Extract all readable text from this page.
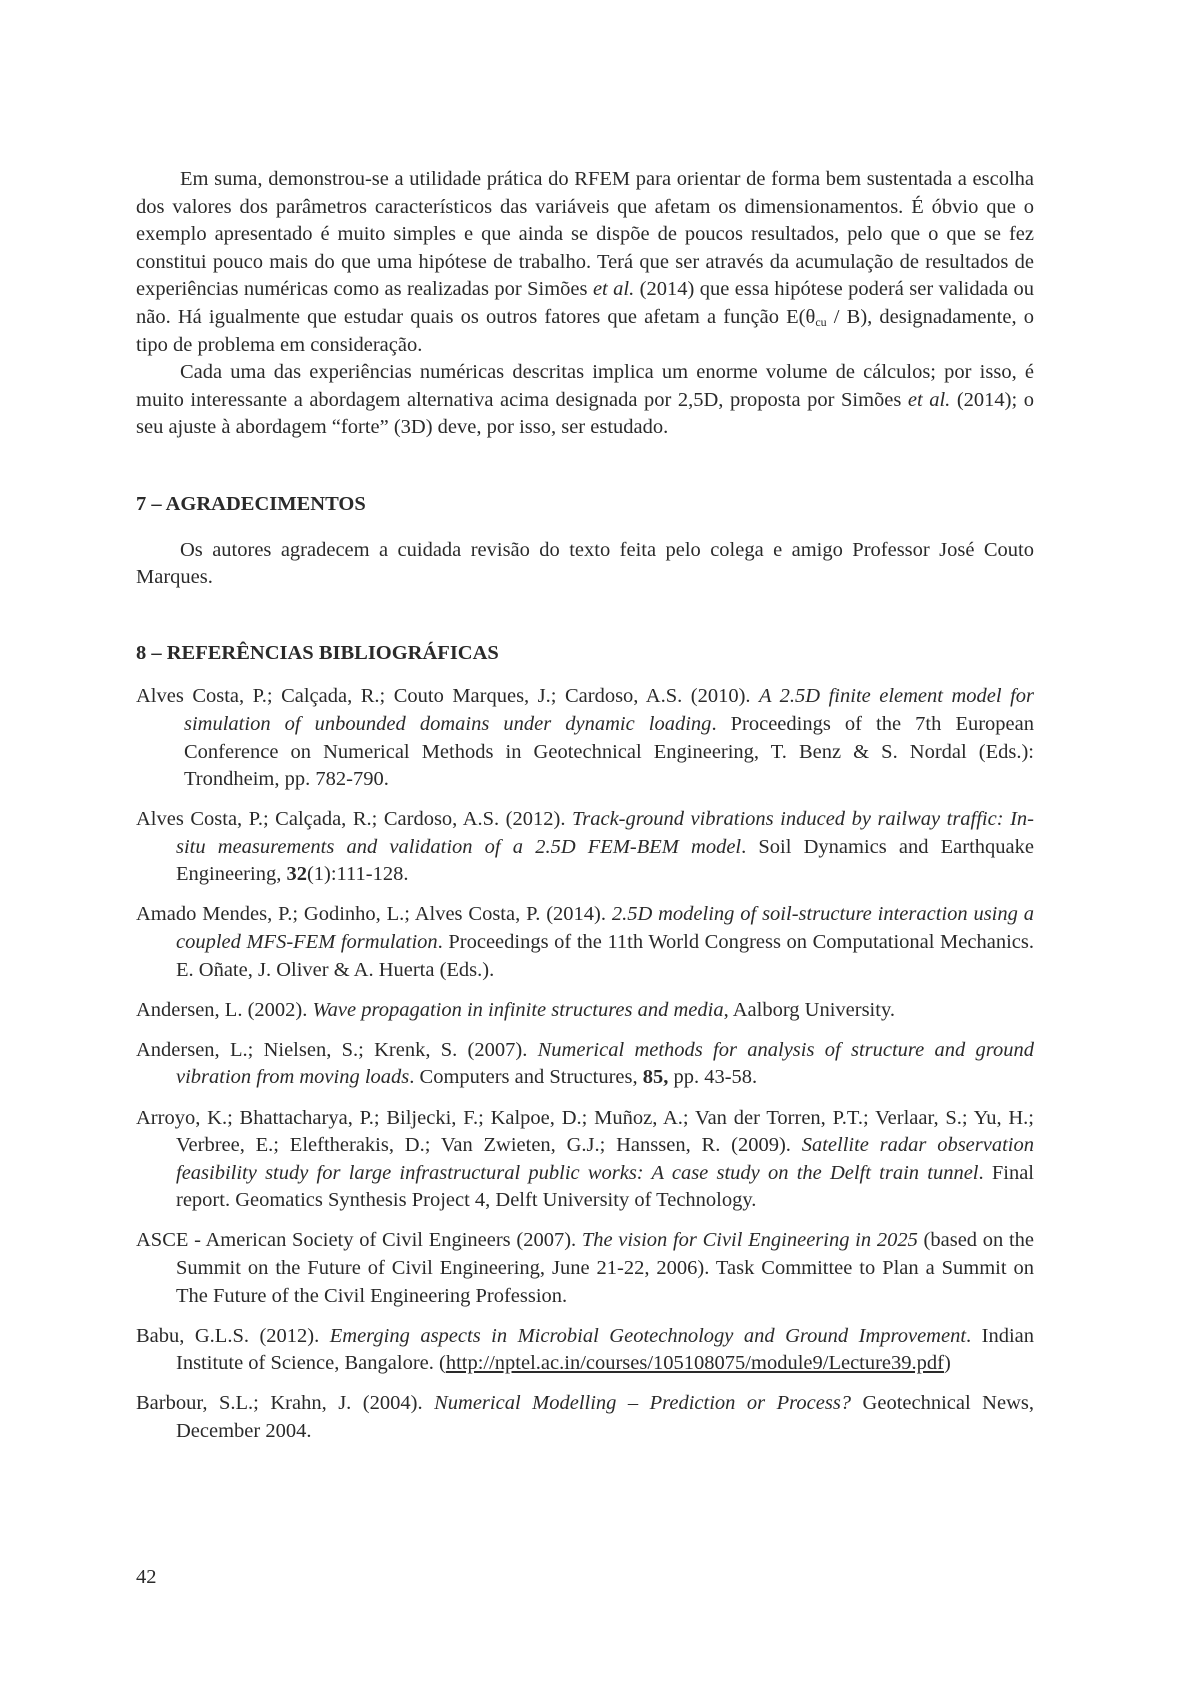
Em suma, demonstrou-se a utilidade prática do RFEM para orientar de forma bem sustentada a escolha dos valores dos parâmetros característicos das variáveis que afetam os dimensionamentos. É óbvio que o exemplo apresentado é muito simples e que ainda se dispõe de poucos resultados, pelo que o que se fez constitui pouco mais do que uma hipótese de trabalho. Terá que ser através da acumulação de resultados de experiências numéricas como as realizadas por Simões et al. (2014) que essa hipótese poderá ser validada ou não. Há igualmente que estudar quais os outros fatores que afetam a função $E(\theta_{cu} / B)$, designadamente, o tipo de problema em consideração.

Cada uma das experiências numéricas descritas implica um enorme volume de cálculos; por isso, é muito interessante a abordagem alternativa acima designada por 2,5D, proposta por Simões et al. (2014); o seu ajuste à abordagem “forte” (3D) deve, por isso, ser estudado.

7 – AGRADECIMENTOS

Os autores agradecem a cuidada revisão do texto feita pelo colega e amigo Professor José Couto Marques.

8 – REFERÊNCIAS BIBLIOGRÁFICAS

Alves Costa, P.; Calçada, R.; Couto Marques, J.; Cardoso, A.S. (2010). A 2.5D finite element model for simulation of unbounded domains under dynamic loading. Proceedings of the 7th European Conference on Numerical Methods in Geotechnical Engineering, T. Benz & S. Nordal (Eds.): Trondheim, pp. 782-790.

Alves Costa, P.; Calçada, R.; Cardoso, A.S. (2012). Track-ground vibrations induced by railway traffic: In-situ measurements and validation of a 2.5D FEM-BEM model. Soil Dynamics and Earthquake Engineering, 32(1):111-128.

Amado Mendes, P.; Godinho, L.; Alves Costa, P. (2014). 2.5D modeling of soil-structure interaction using a coupled MFS-FEM formulation. Proceedings of the 11th World Congress on Computational Mechanics. E. Oñate, J. Oliver & A. Huerta (Eds.).

Andersen, L. (2002). Wave propagation in infinite structures and media, Aalborg University.

Andersen, L.; Nielsen, S.; Krenk, S. (2007). Numerical methods for analysis of structure and ground vibration from moving loads. Computers and Structures, 85, pp. 43-58.

Arroyo, K.; Bhattacharya, P.; Biljecki, F.; Kalpoe, D.; Muñoz, A.; Van der Torren, P.T.; Verlaar, S.; Yu, H.; Verbree, E.; Eleftherakis, D.; Van Zwieten, G.J.; Hanssen, R. (2009). Satellite radar observation feasibility study for large infrastructural public works: A case study on the Delft train tunnel. Final report. Geomatics Synthesis Project 4, Delft University of Technology.

ASCE - American Society of Civil Engineers (2007). The vision for Civil Engineering in 2025 (based on the Summit on the Future of Civil Engineering, June 21-22, 2006). Task Committee to Plan a Summit on The Future of the Civil Engineering Profession.

Babu, G.L.S. (2012). Emerging aspects in Microbial Geotechnology and Ground Improvement. Indian Institute of Science, Bangalore. (http://nptel.ac.in/courses/105108075/module9/Lecture39.pdf)

Barbour, S.L.; Krahn, J. (2004). Numerical Modelling – Prediction or Process? Geotechnical News, December 2004.

42
